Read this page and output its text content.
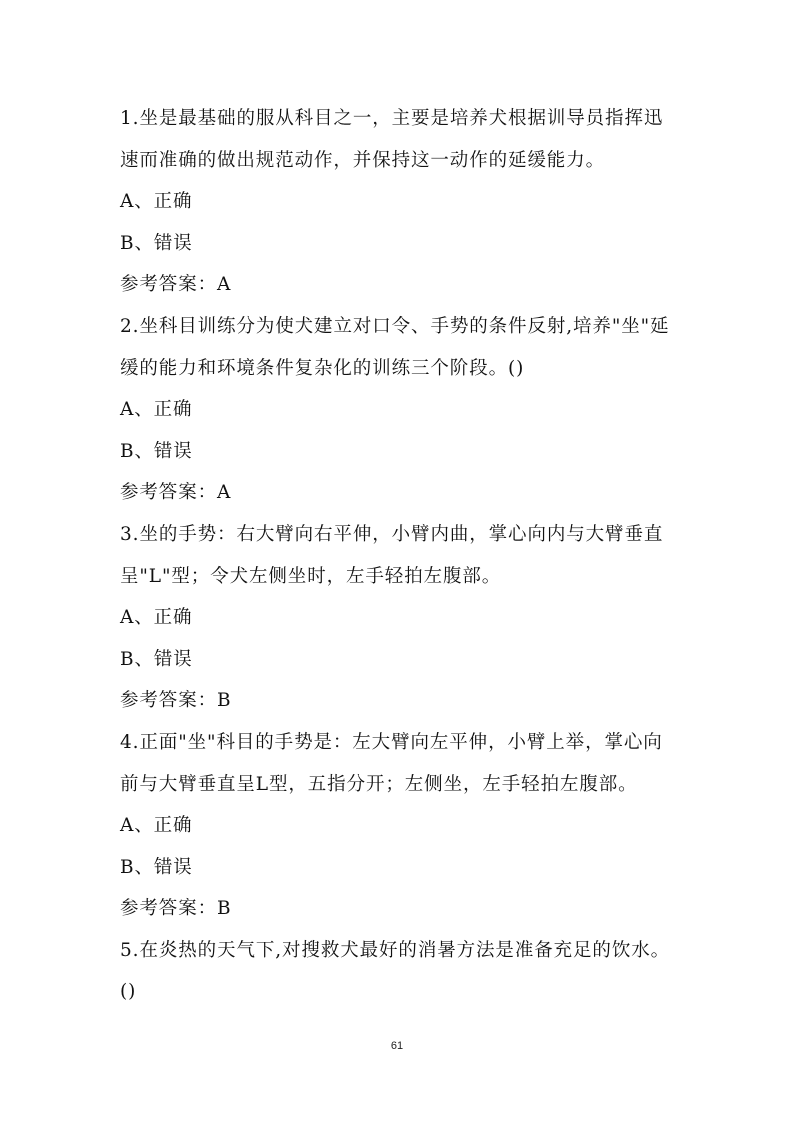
1.坐是最基础的服从科目之一，主要是培养犬根据训导员指挥迅
速而准确的做出规范动作，并保持这一动作的延缓能力。
A、正确
B、错误
参考答案：A
2.坐科目训练分为使犬建立对口令、手势的条件反射,培养"坐"延
缓的能力和环境条件复杂化的训练三个阶段。()
A、正确
B、错误
参考答案：A
3.坐的手势：右大臂向右平伸，小臂内曲，掌心向内与大臂垂直
呈"L"型；令犬左侧坐时，左手轻拍左腹部。
A、正确
B、错误
参考答案：B
4.正面"坐"科目的手势是：左大臂向左平伸，小臂上举，掌心向
前与大臂垂直呈L型，五指分开；左侧坐，左手轻拍左腹部。
A、正确
B、错误
参考答案：B
5.在炎热的天气下,对搜救犬最好的消暑方法是准备充足的饮水。
()
61
